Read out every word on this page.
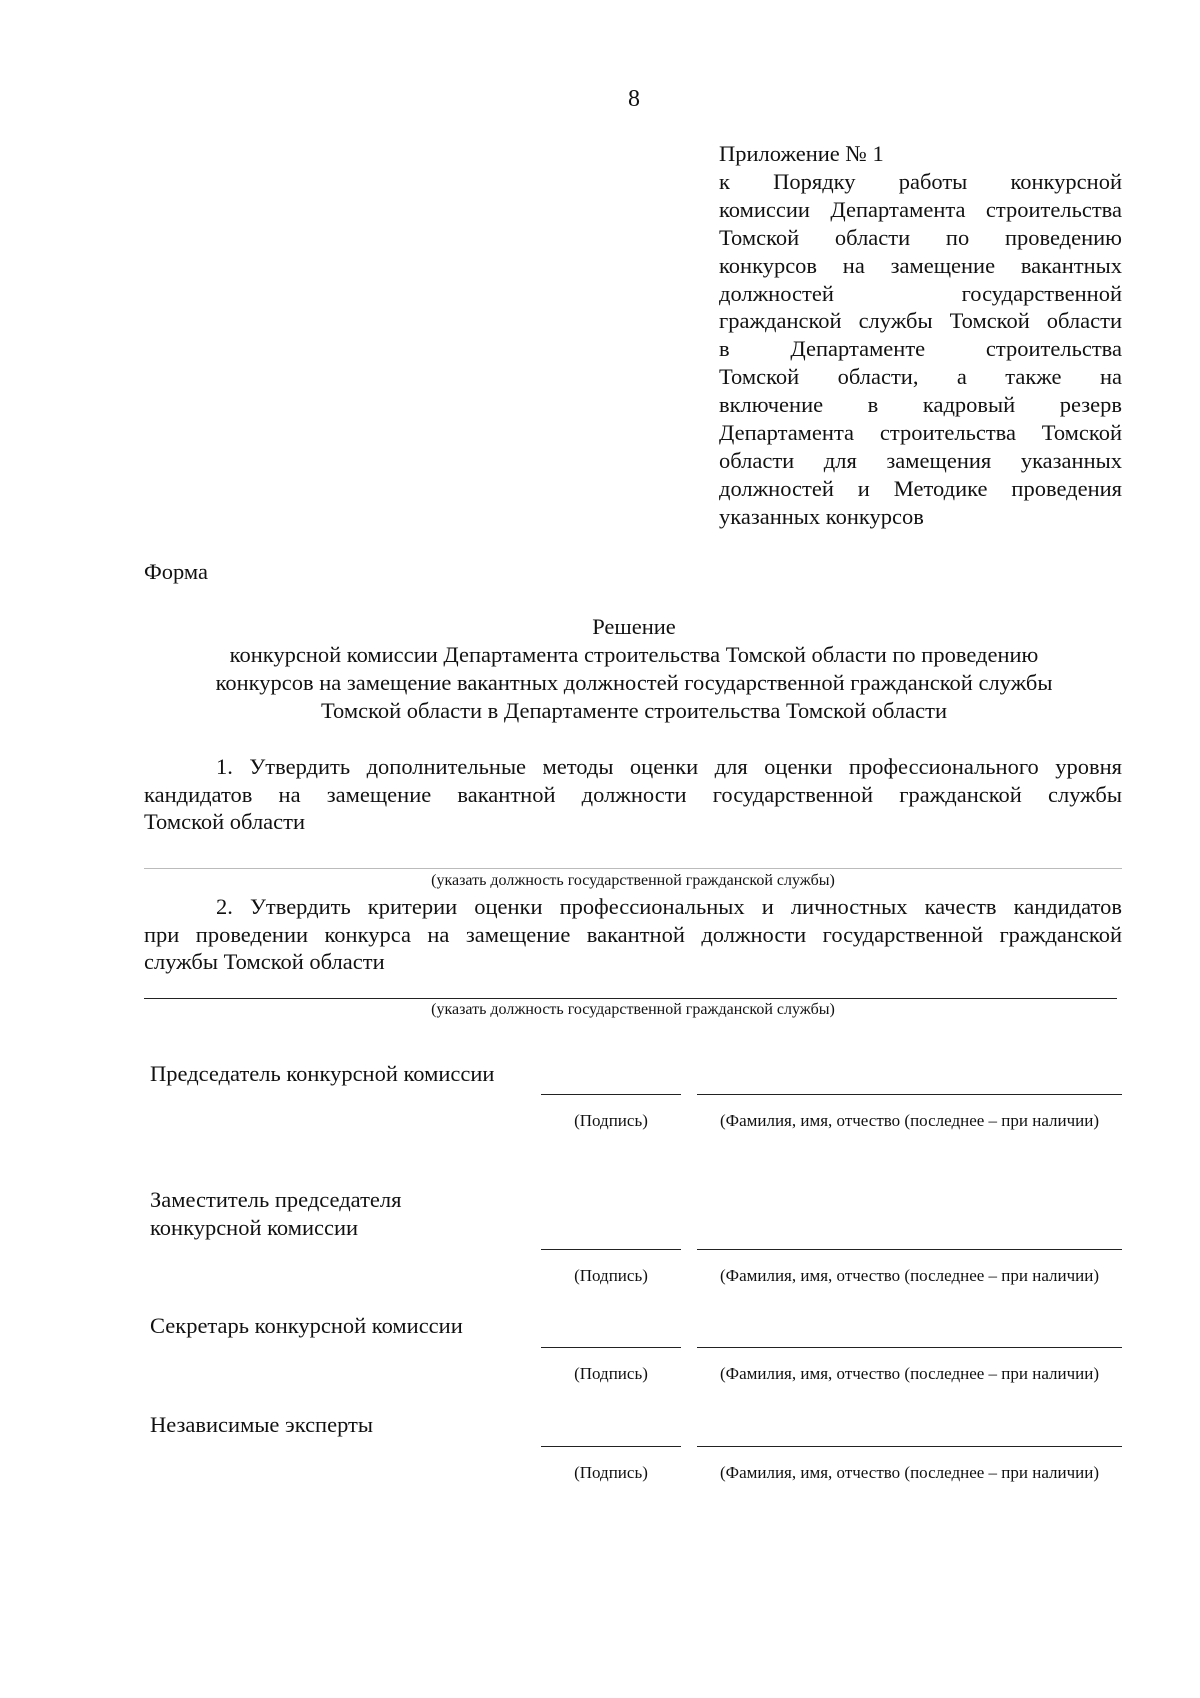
8
Приложение № 1
к Порядку работы конкурсной
комиссии Департамента строительства
Томской области по проведению
конкурсов на замещение вакантных
должностей государственной
гражданской службы Томской области
в Департаменте строительства
Томской области, а также на
включение в кадровый резерв
Департамента строительства Томской
области для замещения указанных
должностей и Методике проведения
указанных конкурсов
Форма
Решение
конкурсной комиссии Департамента строительства Томской области по проведению
конкурсов на замещение вакантных должностей государственной гражданской службы
Томской области в Департаменте строительства Томской области
1. Утвердить дополнительные методы оценки для оценки профессионального уровня
кандидатов на замещение вакантной должности государственной гражданской службы
Томской области
(указать должность государственной гражданской службы)
2. Утвердить критерии оценки профессиональных и личностных качеств кандидатов
при проведении конкурса на замещение вакантной должности государственной гражданской
службы Томской области
(указать должность государственной гражданской службы)
Председатель конкурсной комиссии
(Подпись)	(Фамилия, имя, отчество (последнее – при наличии)
Заместитель председателя
конкурсной комиссии
(Подпись)	(Фамилия, имя, отчество (последнее – при наличии)
Секретарь конкурсной комиссии
(Подпись)	(Фамилия, имя, отчество (последнее – при наличии)
Независимые эксперты
(Подпись)	(Фамилия, имя, отчество (последнее – при наличии)
